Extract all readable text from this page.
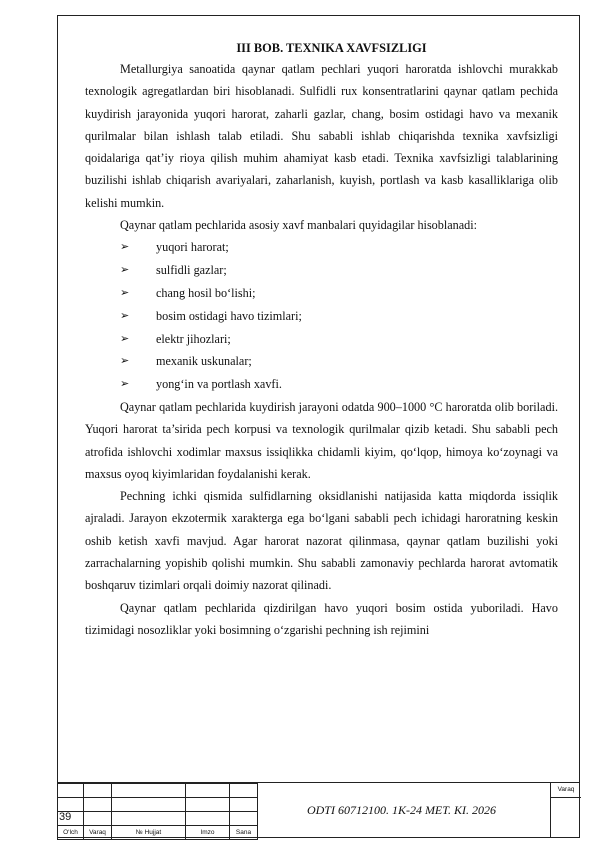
III BOB. TEXNIKA XAVFSIZLIGI

Metallurgiya sanoatida qaynar qatlam pechlari yuqori haroratda ishlovchi murakkab texnologik agregatlardan biri hisoblanadi. Sulfidli rux konsentratlarini qaynar qatlam pechida kuydirish jarayonida yuqori harorat, zaharli gazlar, chang, bosim ostidagi havo va mexanik qurilmalar bilan ishlash talab etiladi. Shu sababli ishlab chiqarishda texnika xavfsizligi qoidalariga qat’iy rioya qilish muhim ahamiyat kasb etadi. Texnika xavfsizligi talablarining buzilishi ishlab chiqarish avariyalari, zaharlanish, kuyish, portlash va kasb kasalliklariga olib kelishi mumkin.

Qaynar qatlam pechlarida asosiy xavf manbalari quyidagilar hisoblanadi:

➢	yuqori harorat;
➢	sulfidli gazlar;
➢	chang hosil bo‘lishi;
➢	bosim ostidagi havo tizimlari;
➢	elektr jihozlari;
➢	mexanik uskunalar;
➢	yong‘in va portlash xavfi.

Qaynar qatlam pechlarida kuydirish jarayoni odatda 900–1000 °C haroratda olib boriladi. Yuqori harorat ta’sirida pech korpusi va texnologik qurilmalar qizib ketadi. Shu sababli pech atrofida ishlovchi xodimlar maxsus issiqlikka chidamli kiyim, qo‘lqop, himoya ko‘zoynagi va maxsus oyoq kiyimlaridan foydalanishi kerak.

Pechning ichki qismida sulfidlarning oksidlanishi natijasida katta miqdorda issiqlik ajraladi. Jarayon ekzotermik xarakterga ega bo‘lgani sababli pech ichidagi haroratning keskin oshib ketish xavfi mavjud. Agar harorat nazorat qilinmasa, qaynar qatlam buzilishi yoki zarrachalarning yopishib qolishi mumkin. Shu sababli zamonaviy pechlarda harorat avtomatik boshqaruv tizimlari orqali doimiy nazorat qilinadi.

Qaynar qatlam pechlarida qizdirilgan havo yuqori bosim ostida yuboriladi. Havo tizimidagi nosozliklar yoki bosimning o‘zgarishi pechning ish rejimini

O‘lch	Varaq	№ Hujjat	Imzo	Sana
39	ODTI 60712100. 1K-24 MET. KI. 2026
Varaq
